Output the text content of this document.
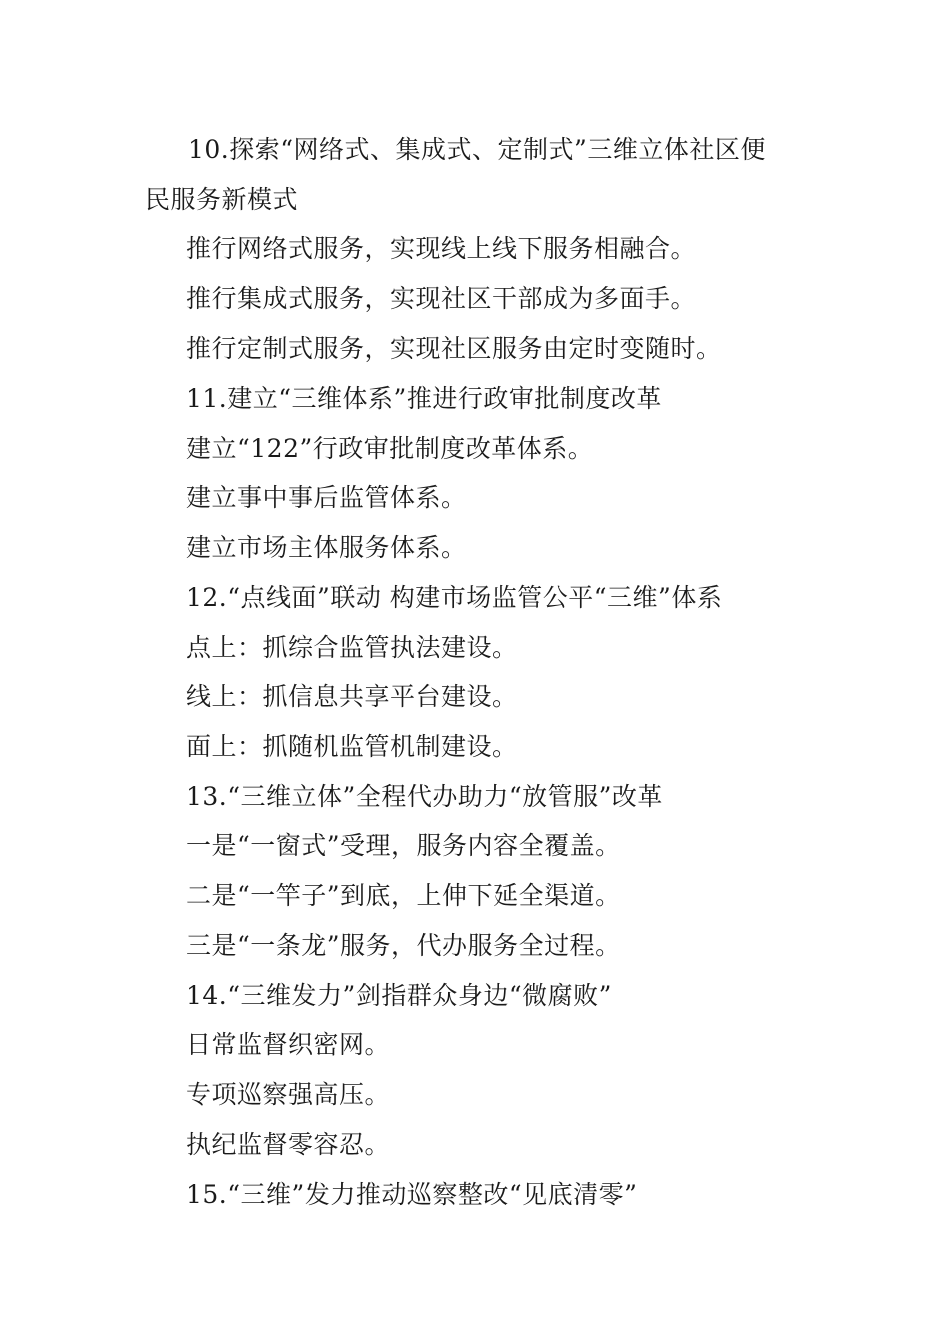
10.探索“网络式、集成式、定制式”三维立体社区便
民服务新模式
推行网络式服务，实现线上线下服务相融合。
推行集成式服务，实现社区干部成为多面手。
推行定制式服务，实现社区服务由定时变随时。
11.建立“三维体系”推进行政审批制度改革
建立“122”行政审批制度改革体系。
建立事中事后监管体系。
建立市场主体服务体系。
12.“点线面”联动 构建市场监管公平“三维”体系
点上：抓综合监管执法建设。
线上：抓信息共享平台建设。
面上：抓随机监管机制建设。
13.“三维立体”全程代办助力“放管服”改革
一是“一窗式”受理，服务内容全覆盖。
二是“一竿子”到底，上伸下延全渠道。
三是“一条龙”服务，代办服务全过程。
14.“三维发力”剑指群众身边“微腐败”
日常监督织密网。
专项巡察强高压。
执纪监督零容忍。
15.“三维”发力推动巡察整改“见底清零”
